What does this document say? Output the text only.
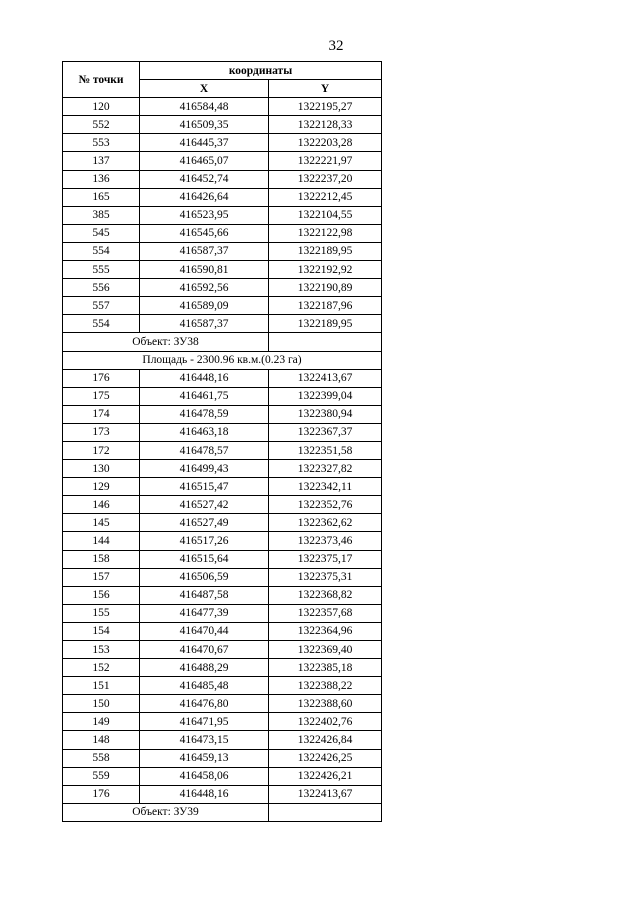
32
№ точки	координаты	
	X	Y
120	416584,48	1322195,27
552	416509,35	1322128,33
553	416445,37	1322203,28
137	416465,07	1322221,97
136	416452,74	1322237,20
165	416426,64	1322212,45
385	416523,95	1322104,55
545	416545,66	1322122,98
554	416587,37	1322189,95
555	416590,81	1322192,92
556	416592,56	1322190,89
557	416589,09	1322187,96
554	416587,37	1322189,95

Объект: ЗУ38		

Площадь - 2300.96 кв.м.(0.23 га)		
176	416448,16	1322413,67
175	416461,75	1322399,04
174	416478,59	1322380,94
173	416463,18	1322367,37
172	416478,57	1322351,58
130	416499,43	1322327,82
129	416515,47	1322342,11
146	416527,42	1322352,76
145	416527,49	1322362,62
144	416517,26	1322373,46
158	416515,64	1322375,17
157	416506,59	1322375,31
156	416487,58	1322368,82
155	416477,39	1322357,68
154	416470,44	1322364,96
153	416470,67	1322369,40
152	416488,29	1322385,18
151	416485,48	1322388,22
150	416476,80	1322388,60
149	416471,95	1322402,76
148	416473,15	1322426,84
558	416459,13	1322426,25
559	416458,06	1322426,21
176	416448,16	1322413,67

Объект: ЗУ39		
